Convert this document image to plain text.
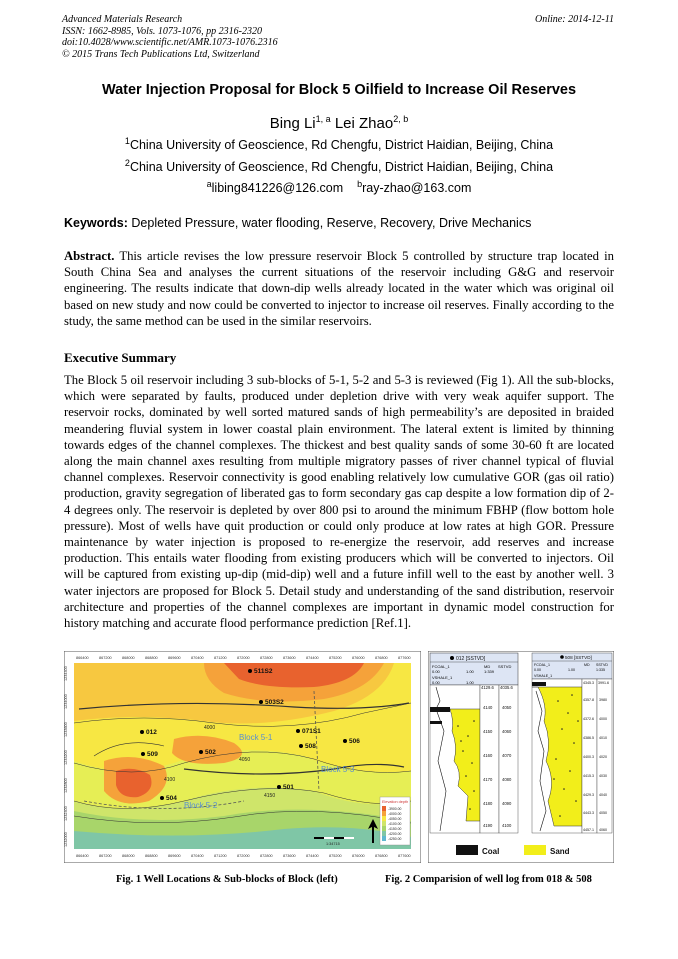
Advanced Materials Research
ISSN: 1662-8985, Vols. 1073-1076, pp 2316-2320
doi:10.4028/www.scientific.net/AMR.1073-1076.2316
© 2015 Trans Tech Publications Ltd, Switzerland
Online: 2014-12-11
Water Injection Proposal for Block 5 Oilfield to Increase Oil Reserves
Bing Li$^{1, a}$ Lei Zhao$^{2, b}$
$^1$China University of Geoscience, Rd Chengfu, District Haidian, Beijing, China
$^2$China University of Geoscience, Rd Chengfu, District Haidian, Beijing, China
$^a$libing841226@126.com $^b$ray-zhao@163.com
Keywords: Depleted Pressure, water flooding, Reserve, Recovery, Drive Mechanics
Abstract. This article revises the low pressure reservoir Block 5 controlled by structure trap located in South China Sea and analyses the current situations of the reservoir including G&G and reservoir engineering. The results indicate that down-dip wells already located in the water which was original oil based on new study and now could be converted to injector to increase oil reserves. Finally according to the study, the same method can be used in the similar reservoirs.
Executive Summary
The Block 5 oil reservoir including 3 sub-blocks of 5-1, 5-2 and 5-3 is reviewed (Fig 1). All the sub-blocks, which were separated by faults, produced under depletion drive with very weak aquifer support. The reservoir rocks, dominated by well sorted matured sands of high permeability’s are deposited in braided meandering fluvial system in lower coastal plain environment. The lateral extent is limited by thinning towards edges of the channel complexes. The thickest and best quality sands of some 30-60 ft are located along the main channel axes resulting from multiple migratory passes of river channel typical of fluvial channel complexes. Reservoir connectivity is good enabling relatively low cumulative GOR (gas oil ratio) production, gravity segregation of liberated gas to form secondary gas cap despite a low formation dip of 2-4 degrees only. The reservoir is depleted by over 800 psi to around the minimum FBHP (flow bottom hole pressure). Most of wells have quit production or could only produce at low rates at high GOR. Pressure maintenance by water injection is proposed to re-energize the reservoir, add reserves and increase production. This entails water flooding from existing producers which will be converted to injectors. Oil will be captured from existing up-dip (mid-dip) well and a future infill well to the east by another well. 3 water injectors are proposed for Block 5. Detail study and understanding of the sand distribution, reservoir architecture and properties of the channel complexes are important in dynamic model construction for history matching and accurate flood performance prediction [Ref.1].
4000
4050
4100
4150
866400	867200	868000	868800	869600	870400	871200	872000	872800	873600	874400	875200	876000	876800	877600
866400	867200	868000	868800	869600	870400	871200	872000	872800	873600	874400	875200	876000	876800	877600
1234400
1234000
1233600
1233200
1232800
1232400
1232000
511S2
503S2
012
509	502
071S1
508
506
501
504
Block 5-1
Block 5-3
Block 5-2	Elevation depth
-3900.00
-4000.00
-4050.00
-4100.00
-4150.00
-4200.00
-4250.00
1:34715
012 [SSTVD]
FCOAL_1	MD SSTVD
0.00	1.00	1:339
VSHALE_1
0.00	1.00
4129.6
4140
4150
4160
4170
4180
4190
4035.6
4050
4060
4070
4080
4090
4100
508 [SSTVD]
FCOAL_1	MD SSTVD
0.00	1.00	1:335
VSHALE_1
4345.3
4357.8
4372.6
4386.5
4400.3
4415.3
4429.3
4443.3
4457.1
3991.6
3980
4000
4010
4020
4030
4040
4050
4060
Coal	Sand
Fig. 1 Well Locations & Sub-blocks of Block (left)	Fig. 2 Comparision of well log from 018 & 508
